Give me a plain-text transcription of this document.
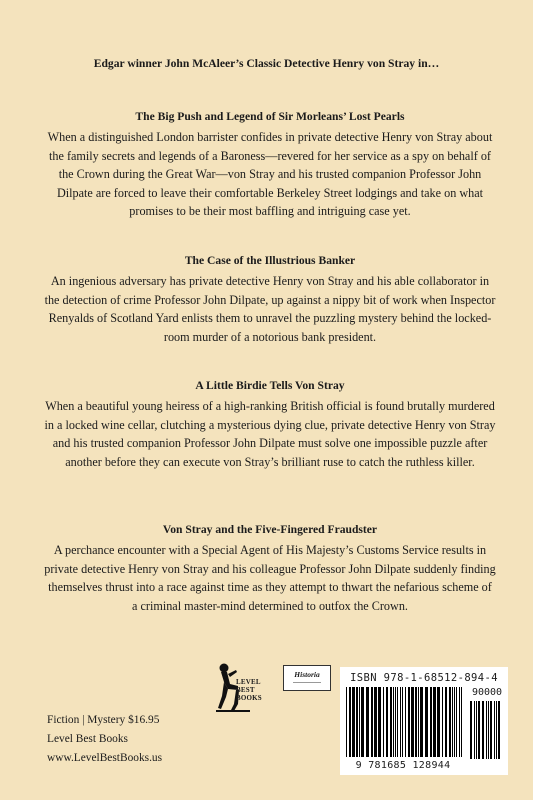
Edgar winner John McAleer’s Classic Detective Henry von Stray in…
The Big Push and Legend of Sir Morleans’ Lost Pearls

When a distinguished London barrister confides in private detective Henry von Stray about the family secrets and legends of a Baroness—revered for her service as a spy on behalf of the Crown during the Great War—von Stray and his trusted companion Professor John Dilpate are forced to leave their comfortable Berkeley Street lodgings and take on what promises to be their most baffling and intriguing case yet.

The Case of the Illustrious Banker

An ingenious adversary has private detective Henry von Stray and his able collaborator in the detection of crime Professor John Dilpate, up against a nippy bit of work when Inspector Renyalds of Scotland Yard enlists them to unravel the puzzling mystery behind the locked-room murder of a notorious bank president.

A Little Birdie Tells Von Stray

When a beautiful young heiress of a high-ranking British official is found brutally murdered in a locked wine cellar, clutching a mysterious dying clue, private detective Henry von Stray and his trusted companion Professor John Dilpate must solve one impossible puzzle after another before they can execute von Stray’s brilliant ruse to catch the ruthless killer.

Von Stray and the Five-Fingered Fraudster

A perchance encounter with a Special Agent of His Majesty’s Customs Service results in private detective Henry von Stray and his colleague Professor John Dilpate suddenly finding themselves thrust into a race against time as they attempt to thwart the nefarious scheme of a criminal master-mind determined to outfox the Crown.

LEVEL
BEST BOOKS
Historia
Fiction | Mystery $16.95
Level Best Books
www.LevelBestBooks.us
ISBN 978-1-68512-894-4
90000
9 781685 128944
